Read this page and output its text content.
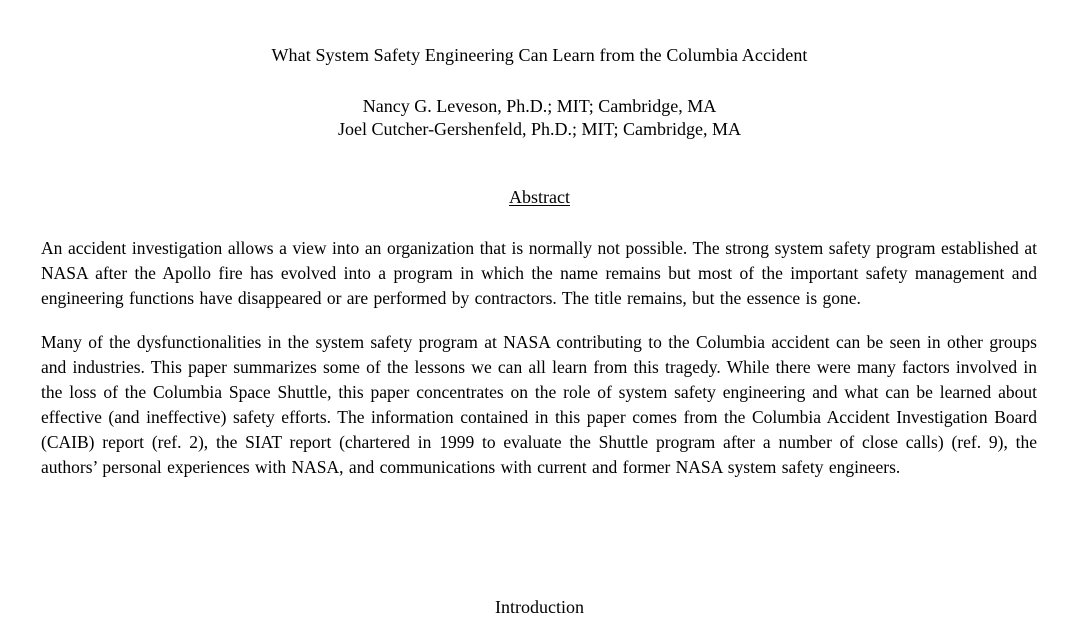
What System Safety Engineering Can Learn from the Columbia Accident
Nancy G. Leveson, Ph.D.; MIT; Cambridge, MA
Joel Cutcher-Gershenfeld, Ph.D.; MIT; Cambridge, MA
Abstract

An accident investigation allows a view into an organization that is normally not possible. The strong system safety program established at NASA after the Apollo fire has evolved into a program in which the name remains but most of the important safety management and engineering functions have disappeared or are performed by contractors. The title remains, but the essence is gone.

Many of the dysfunctionalities in the system safety program at NASA contributing to the Columbia accident can be seen in other groups and industries. This paper summarizes some of the lessons we can all learn from this tragedy. While there were many factors involved in the loss of the Columbia Space Shuttle, this paper concentrates on the role of system safety engineering and what can be learned about effective (and ineffective) safety efforts. The information contained in this paper comes from the Columbia Accident Investigation Board (CAIB) report (ref. 2), the SIAT report (chartered in 1999 to evaluate the Shuttle program after a number of close calls) (ref. 9), the authors’ personal experiences with NASA, and communications with current and former NASA system safety engineers.

Introduction
